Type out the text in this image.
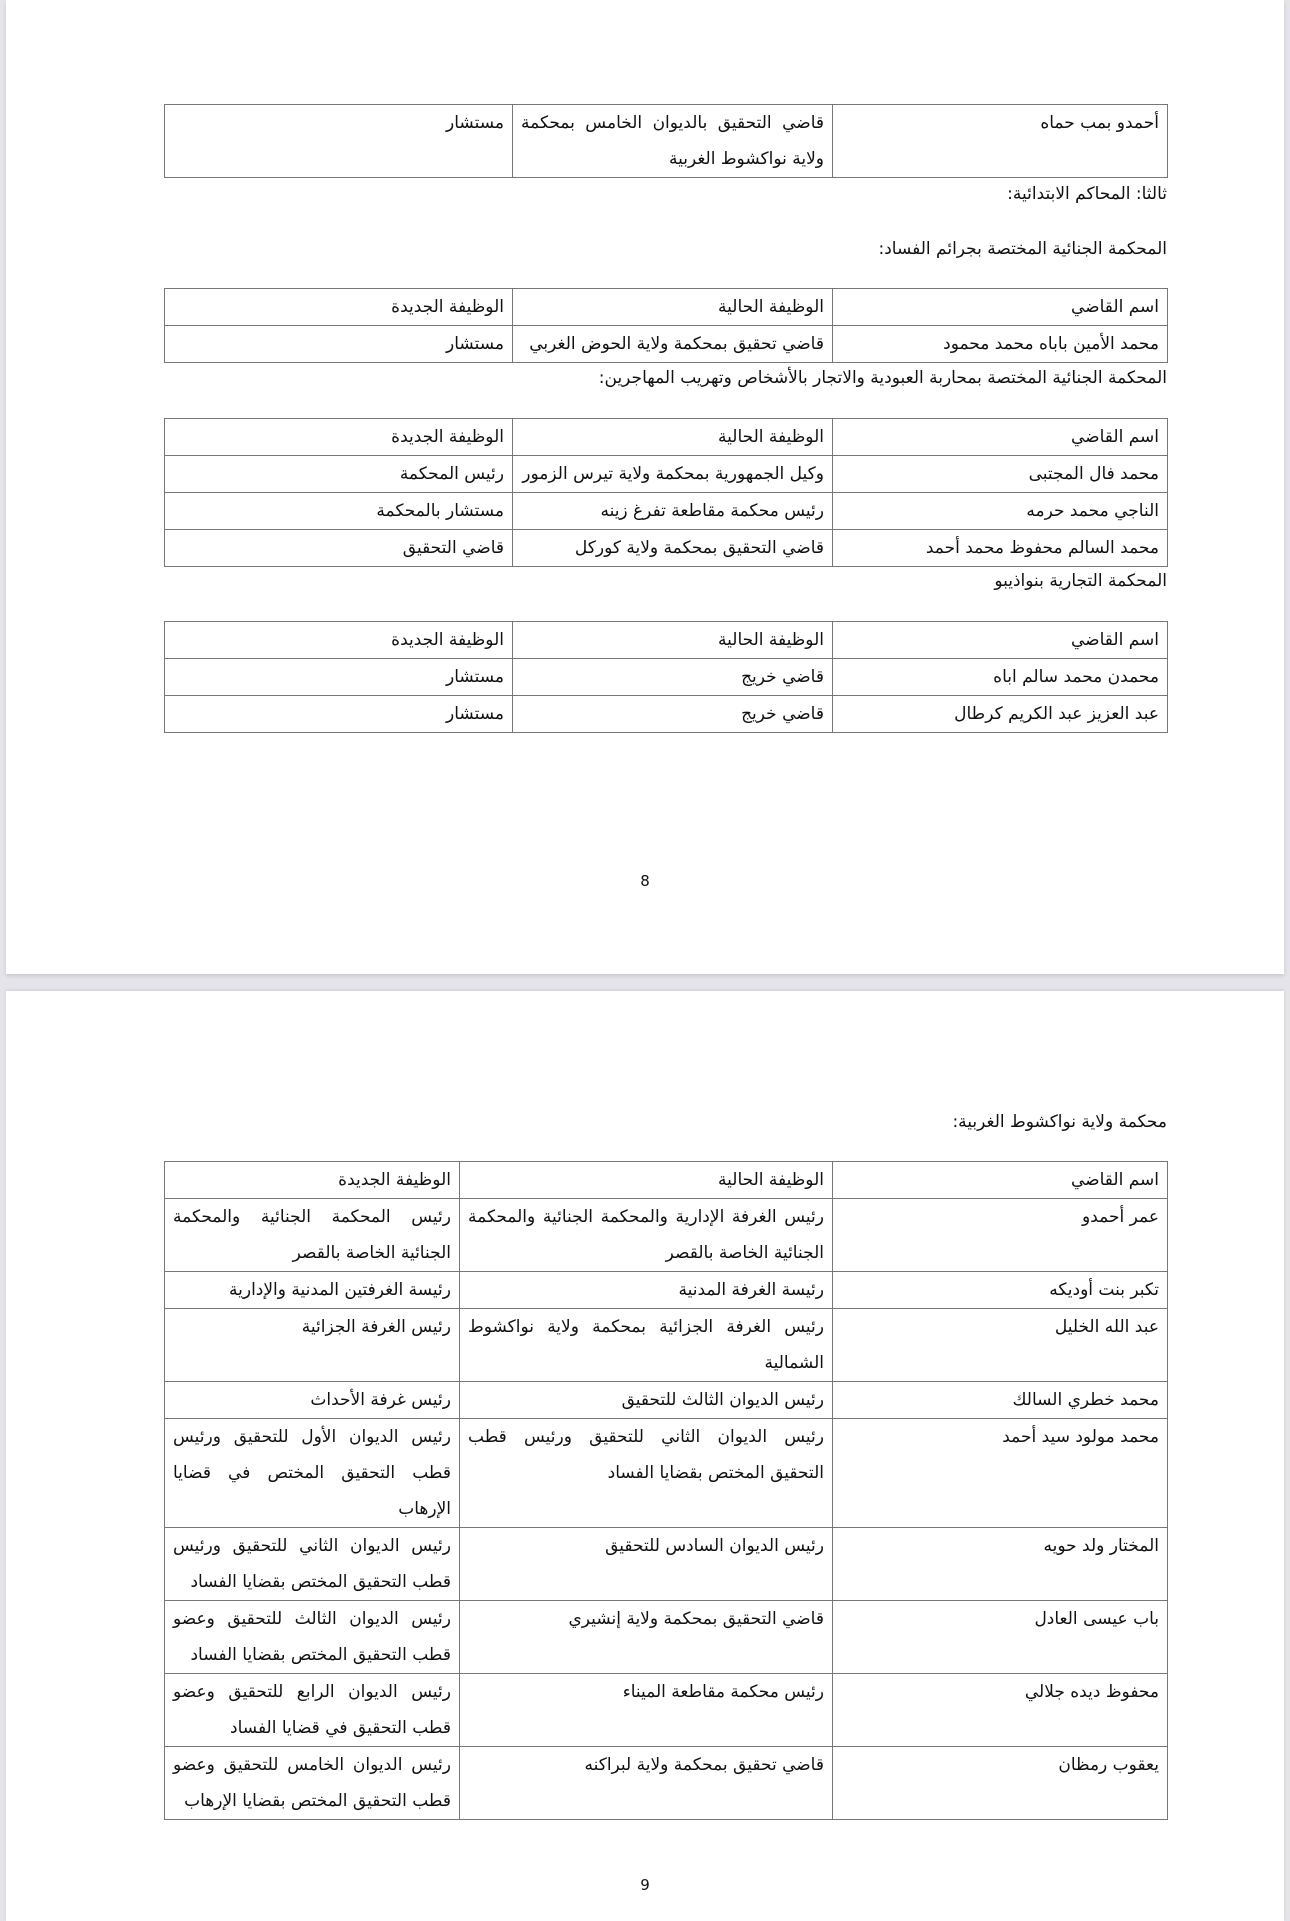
أحمدو بمب حماه	قاضي التحقيق بالديوان الخامس بمحكمة ولاية نواكشوط الغربية	مستشار
ثالثا: المحاكم الابتدائية:
المحكمة الجنائية المختصة بجرائم الفساد:
اسم القاضي	الوظيفة الحالية	الوظيفة الجديدة
محمد الأمين باباه محمد محمود	قاضي تحقيق بمحكمة ولاية الحوض الغربي	مستشار
المحكمة الجنائية المختصة بمحاربة العبودية والاتجار بالأشخاص وتهريب المهاجرين:
اسم القاضي	الوظيفة الحالية	الوظيفة الجديدة
محمد فال المجتبى	وكيل الجمهورية بمحكمة ولاية تيرس الزمور	رئيس المحكمة
الناجي محمد حرمه	رئيس محكمة مقاطعة تفرغ زينه	مستشار بالمحكمة
محمد السالم محفوظ محمد أحمد	قاضي التحقيق بمحكمة ولاية كوركل	قاضي التحقيق
المحكمة التجارية بنواذيبو
اسم القاضي	الوظيفة الحالية	الوظيفة الجديدة
محمدن محمد سالم اباه	قاضي خريج	مستشار
عبد العزيز عبد الكريم كرطال	قاضي خريج	مستشار
8
محكمة ولاية نواكشوط الغربية:
اسم القاضي	الوظيفة الحالية	الوظيفة الجديدة
عمر أحمدو	رئيس الغرفة الإدارية والمحكمة الجنائية والمحكمة الجنائية الخاصة بالقصر	رئيس المحكمة الجنائية والمحكمة الجنائية الخاصة بالقصر
تكبر بنت أوديكه	رئيسة الغرفة المدنية	رئيسة الغرفتين المدنية والإدارية
عبد الله الخليل	رئيس الغرفة الجزائية بمحكمة ولاية نواكشوط الشمالية	رئيس الغرفة الجزائية
محمد خطري السالك	رئيس الديوان الثالث للتحقيق	رئيس غرفة الأحداث
محمد مولود سيد أحمد	رئيس الديوان الثاني للتحقيق ورئيس قطب التحقيق المختص بقضايا الفساد	رئيس الديوان الأول للتحقيق ورئيس قطب التحقيق المختص في قضايا الإرهاب
المختار ولد حويه	رئيس الديوان السادس للتحقيق	رئيس الديوان الثاني للتحقيق ورئيس قطب التحقيق المختص بقضايا الفساد
باب عيسى العادل	قاضي التحقيق بمحكمة ولاية إنشيري	رئيس الديوان الثالث للتحقيق وعضو قطب التحقيق المختص بقضايا الفساد
محفوظ ديده جلالي	رئيس محكمة مقاطعة الميناء	رئيس الديوان الرابع للتحقيق وعضو قطب التحقيق في قضايا الفساد
يعقوب رمظان	قاضي تحقيق بمحكمة ولاية لبراكنه	رئيس الديوان الخامس للتحقيق وعضو قطب التحقيق المختص بقضايا الإرهاب
9
